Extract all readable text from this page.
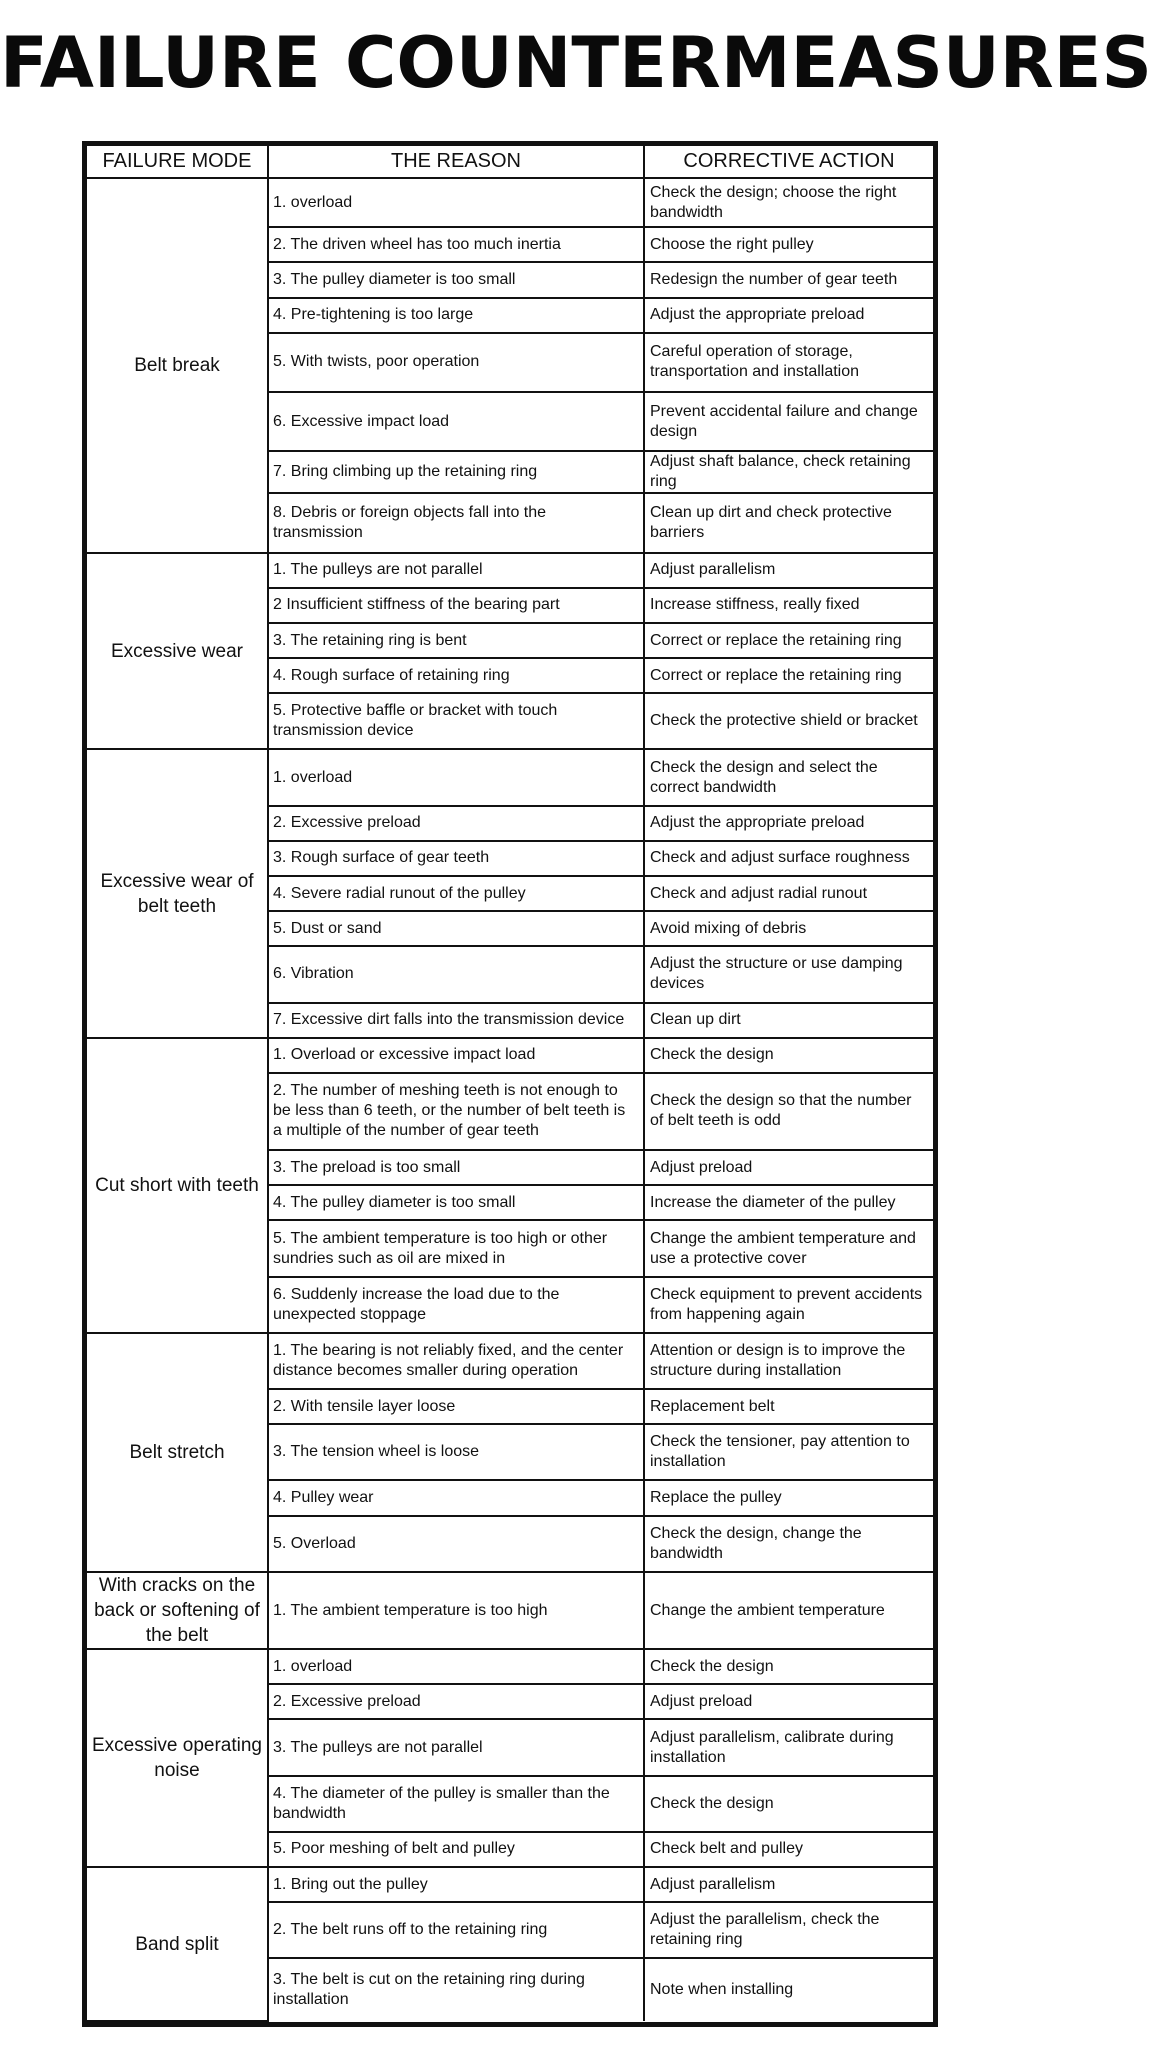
FAILURE COUNTERMEASURES
FAILURE MODE	THE REASON	CORRECTIVE ACTION
Belt break	1. overload	Check the design; choose the right bandwidth
	2. The driven wheel has too much inertia	Choose the right pulley
	3. The pulley diameter is too small	Redesign the number of gear teeth
	4. Pre-tightening is too large	Adjust the appropriate preload
	5. With twists, poor operation	Careful operation of storage, transportation and installation
	6. Excessive impact load	Prevent accidental failure and change design
	7. Bring climbing up the retaining ring	Adjust shaft balance, check retaining ring
	8. Debris or foreign objects fall into the transmission	Clean up dirt and check protective barriers
Excessive wear	1. The pulleys are not parallel	Adjust parallelism
	2 Insufficient stiffness of the bearing part	Increase stiffness, really fixed
	3. The retaining ring is bent	Correct or replace the retaining ring
	4. Rough surface of retaining ring	Correct or replace the retaining ring
	5. Protective baffle or bracket with touch transmission device	Check the protective shield or bracket
Excessive wear of belt teeth	1. overload	Check the design and select the correct bandwidth
	2. Excessive preload	Adjust the appropriate preload
	3. Rough surface of gear teeth	Check and adjust surface roughness
	4. Severe radial runout of the pulley	Check and adjust radial runout
	5. Dust or sand	Avoid mixing of debris
	6. Vibration	Adjust the structure or use damping devices
	7. Excessive dirt falls into the transmission device	Clean up dirt
Cut short with teeth	1. Overload or excessive impact load	Check the design
	2. The number of meshing teeth is not enough to be less than 6 teeth, or the number of belt teeth is a multiple of the number of gear teeth	Check the design so that the number of belt teeth is odd
	3. The preload is too small	Adjust preload
	4. The pulley diameter is too small	Increase the diameter of the pulley
	5. The ambient temperature is too high or other sundries such as oil are mixed in	Change the ambient temperature and use a protective cover
	6. Suddenly increase the load due to the unexpected stoppage	Check equipment to prevent accidents from happening again
Belt stretch	1. The bearing is not reliably fixed, and the center distance becomes smaller during operation	Attention or design is to improve the structure during installation
	2. With tensile layer loose	Replacement belt
	3. The tension wheel is loose	Check the tensioner, pay attention to installation
	4. Pulley wear	Replace the pulley
	5. Overload	Check the design, change the bandwidth
With cracks on the back or softening of the belt	1. The ambient temperature is too high	Change the ambient temperature
Excessive operating noise	1. overload	Check the design
	2. Excessive preload	Adjust preload
	3. The pulleys are not parallel	Adjust parallelism, calibrate during installation
	4. The diameter of the pulley is smaller than the bandwidth	Check the design
	5. Poor meshing of belt and pulley	Check belt and pulley
Band split	1. Bring out the pulley	Adjust parallelism
	2. The belt runs off to the retaining ring	Adjust the parallelism, check the retaining ring
	3. The belt is cut on the retaining ring during installation	Note when installing
